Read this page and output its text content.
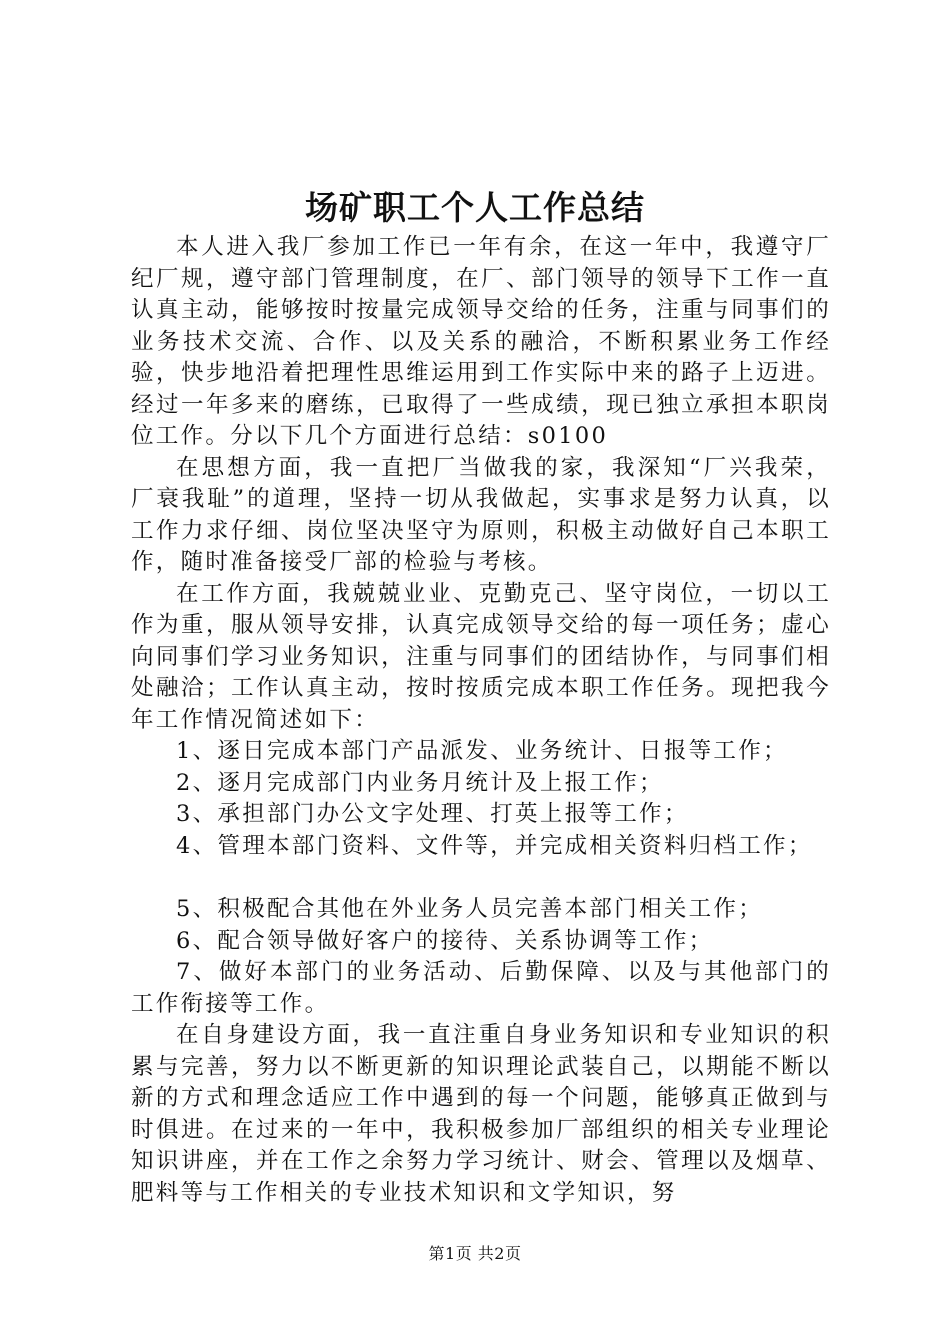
场矿职工个人工作总结

本人进入我厂参加工作已一年有余，在这一年中，我遵守厂纪厂规，遵守部门管理制度，在厂、部门领导的领导下工作一直认真主动，能够按时按量完成领导交给的任务，注重与同事们的业务技术交流、合作、以及关系的融洽，不断积累业务工作经验，快步地沿着把理性思维运用到工作实际中来的路子上迈进。经过一年多来的磨练，已取得了一些成绩，现已独立承担本职岗位工作。分以下几个方面进行总结：s0100

在思想方面，我一直把厂当做我的家，我深知“厂兴我荣，厂衰我耻”的道理，坚持一切从我做起，实事求是努力认真，以工作力求仔细、岗位坚决坚守为原则，积极主动做好自己本职工作，随时准备接受厂部的检验与考核。

在工作方面，我兢兢业业、克勤克己、坚守岗位，一切以工作为重，服从领导安排，认真完成领导交给的每一项任务；虚心向同事们学习业务知识，注重与同事们的团结协作，与同事们相处融洽；工作认真主动，按时按质完成本职工作任务。现把我今年工作情况简述如下：

1、逐日完成本部门产品派发、业务统计、日报等工作；

2、逐月完成部门内业务月统计及上报工作；

3、承担部门办公文字处理、打英上报等工作；

4、管理本部门资料、文件等，并完成相关资料归档工作；

5、积极配合其他在外业务人员完善本部门相关工作；

6、配合领导做好客户的接待、关系协调等工作；

7、做好本部门的业务活动、后勤保障、以及与其他部门的工作衔接等工作。

在自身建设方面，我一直注重自身业务知识和专业知识的积累与完善，努力以不断更新的知识理论武装自己，以期能不断以新的方式和理念适应工作中遇到的每一个问题，能够真正做到与时俱进。在过来的一年中，我积极参加厂部组织的相关专业理论知识讲座，并在工作之余努力学习统计、财会、管理以及烟草、肥料等与工作相关的专业技术知识和文学知识，努

第1页 共2页
